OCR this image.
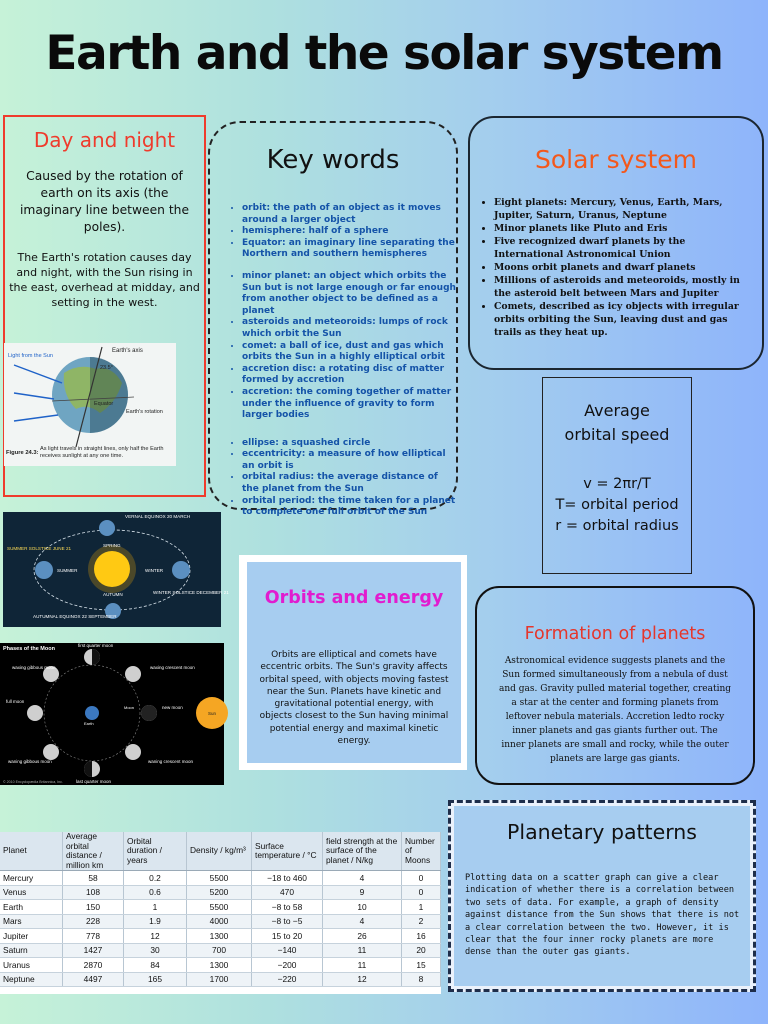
Earth and the solar system
Day and night
Caused by the rotation of earth on its axis (the imaginary line between the poles).
The Earth's rotation causes day and night, with the Sun rising in the east, overhead at midday, and setting in the west.
Earth's axis
23.5°
Equator
Earth's rotation
Light from the Sun
Figure 24.3:
As light travels in straight lines, only half the Earth receives sunlight at any one time.
Key words
• orbit: the path of an object as it moves around a larger object
• hemisphere: half of a sphere
• Equator: an imaginary line separating the Northern and southern hemispheres
• minor planet: an object which orbits the Sun but is not large enough or far enough from another object to be defined as a planet
• asteroids and meteoroids: lumps of rock which orbit the Sun
• comet: a ball of ice, dust and gas which orbits the Sun in a highly elliptical orbit
• accretion disc: a rotating disc of matter formed by accretion
• accretion: the coming together of matter under the influence of gravity to form larger bodies
• ellipse: a squashed circle
• eccentricity: a measure of how elliptical an orbit is
• orbital radius: the average distance of the planet from the Sun
• orbital period: the time taken for a planet to complete one full orbit of the Sun
Solar system
• Eight planets: Mercury, Venus, Earth, Mars, Jupiter, Saturn, Uranus, Neptune
• Minor planets like Pluto and Eris
• Five recognized dwarf planets by the International Astronomical Union
• Moons orbit planets and dwarf planets
• Millions of asteroids and meteoroids, mostly in the asteroid belt between Mars and Jupiter
• Comets, described as icy objects with irregular orbits orbiting the Sun, leaving dust and gas trails as they heat up.
Average
orbital speed
v = 2πr/T
T= orbital period
r = orbital radius
VERNAL EQUINOX 20 MARCH
SUMMER SOLSTICE JUNE 21
WINTER SOLSTICE DECEMBER 21
AUTUMNAL EQUINOX 22 SEPTEMBER
SPRING
SUMMER	WINTER
AUTUMN	Orbits and energy
Orbits are elliptical and comets have eccentric orbits. The Sun's gravity affects orbital speed, with objects moving fastest near the Sun. Planets have kinetic and gravitational potential energy, with objects closest to the Sun having minimal potential energy and maximal kinetic energy.
Formation of planets
Astronomical evidence suggests planets and the Sun formed simultaneously from a nebula of dust and gas. Gravity pulled material together, creating a star at the center and forming planets from leftover nebula materials. Accretion ledto rocky inner planets and gas giants further out. The inner planets are small and rocky, while the outer planets are large gas giants.
Phases of the Moon
first quarter moon
waxing gibbous moon	waxing crescent moon
full moon
new moon
waning gibbous moon	waning crescent moon
last quarter moon
Sun
Moon
Earth
© 2010 Encyclopædia Britannica, Inc.
Planetary patterns
Plotting data on a scatter graph can give a clear indication of whether there is a correlation between two sets of data. For example, a graph of density against distance from the Sun shows that there is not a clear correlation between the two. However, it is clear that the four inner rocky planets are more dense than the outer gas giants.
Planet	Average orbital distance / million km	Orbital duration / years	Density / kg/m³	Surface temperature / °C	field strength at the surface of the planet / N/kg	Number of Moons
Mercury	58	0.2	5500	−18 to 460	4	0
Venus	108	0.6	5200	470	9	0
Earth	150	1	5500	−8 to 58	10	1
Mars	228	1.9	4000	−8 to −5	4	2
Jupiter	778	12	1300	15 to 20	26	16
Saturn	1427	30	700	−140	11	20
Uranus	2870	84	1300	−200	11	15
Neptune	4497	165	1700	−220	12	8
